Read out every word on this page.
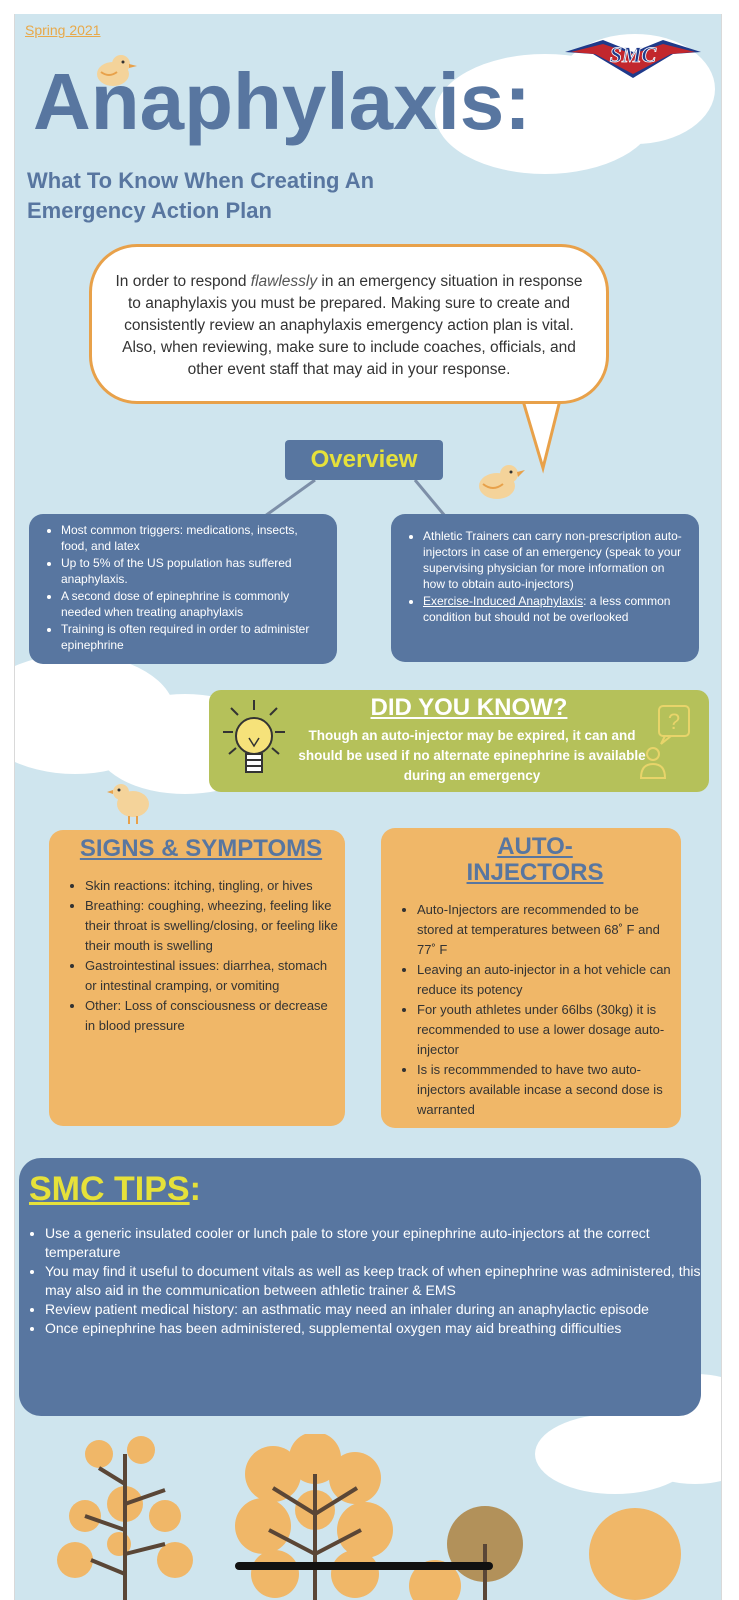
Spring 2021
SMC
Anaphylaxis:
What To Know When Creating An Emergency Action Plan
In order to respond flawlessly in an emergency situation in response to anaphylaxis you must be prepared. Making sure to create and consistently review an anaphylaxis emergency action plan is vital. Also, when reviewing, make sure to include coaches, officials, and other event staff that may aid in your response.
Overview
• Most common triggers: medications, insects, food, and latex
• Up to 5% of the US population has suffered anaphylaxis.
• A second dose of epinephrine is commonly needed when treating anaphylaxis
• Training is often required in order to administer epinephrine
• Athletic Trainers can carry non-prescription auto-injectors in case of an emergency (speak to your supervising physician for more information on how to obtain auto-injectors)
• Exercise-Induced Anaphylaxis: a less common condition but should not be overlooked
DID YOU KNOW?
Though an auto-injector may be expired, it can and should be used if no alternate epinephrine is available during an emergency
?
SIGNS & SYMPTOMS
• Skin reactions: itching, tingling, or hives
• Breathing: coughing, wheezing, feeling like their throat is swelling/closing, or feeling like their mouth is swelling
• Gastrointestinal issues: diarrhea, stomach or intestinal cramping, or vomiting
• Other: Loss of consciousness or decrease in blood pressure
AUTO-INJECTORS
• Auto-Injectors are recommended to be stored at temperatures between 68˚ F and 77˚ F
• Leaving an auto-injector in a hot vehicle can reduce its potency
• For youth athletes under 66lbs (30kg) it is recommended to use a lower dosage auto-injector
• Is is recommmended to have two auto-injectors available incase a second dose is warranted
SMC TIPS:
• Use a generic insulated cooler or lunch pale to store your epinephrine auto-injectors at the correct temperature
• You may find it useful to document vitals as well as keep track of when epinephrine was administered, this may also aid in the communication between athletic trainer & EMS
• Review patient medical history: an asthmatic may need an inhaler during an anaphylactic episode
• Once epinephrine has been administered, supplemental oxygen may aid breathing difficulties
